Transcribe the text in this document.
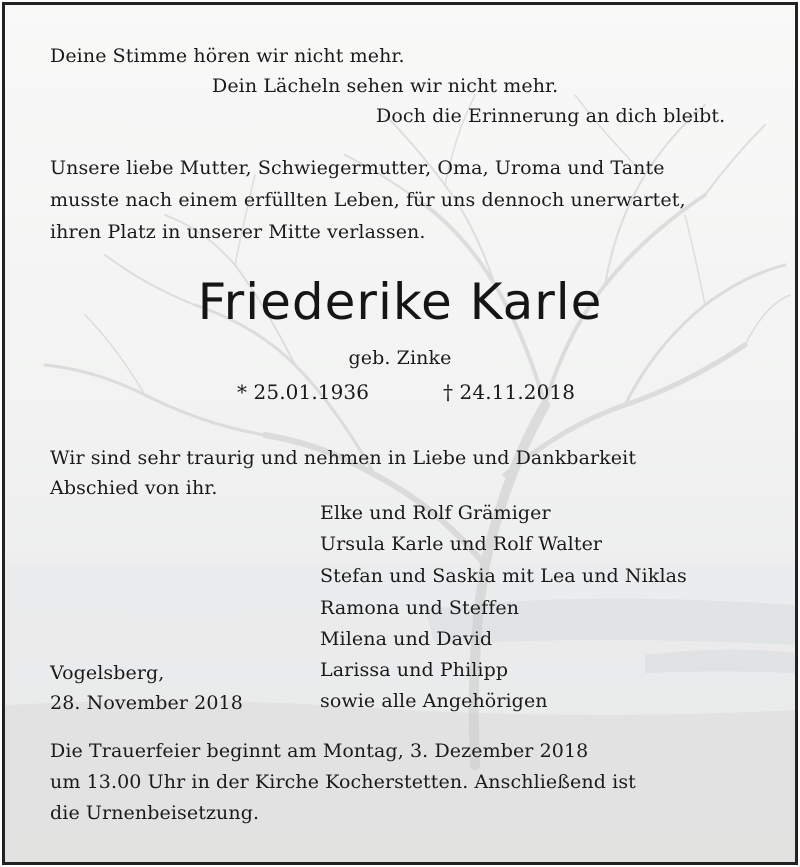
Deine Stimme hören wir nicht mehr.
Dein Lächeln sehen wir nicht mehr.
Doch die Erinnerung an dich bleibt.
Unsere liebe Mutter, Schwiegermutter, Oma, Uroma und Tante
musste nach einem erfüllten Leben, für uns dennoch unerwartet,
ihren Platz in unserer Mitte verlassen.
Friederike Karle
geb. Zinke
* 25.01.1936	† 24.11.2018
Wir sind sehr traurig und nehmen in Liebe und Dankbarkeit
Abschied von ihr.
Elke und Rolf Grämiger
Ursula Karle und Rolf Walter
Stefan und Saskia mit Lea und Niklas
Ramona und Steffen
Milena und David
Larissa und Philipp
sowie alle Angehörigen
Vogelsberg,
28. November 2018
Die Trauerfeier beginnt am Montag, 3. Dezember 2018
um 13.00 Uhr in der Kirche Kocherstetten. Anschließend ist
die Urnenbeisetzung.
